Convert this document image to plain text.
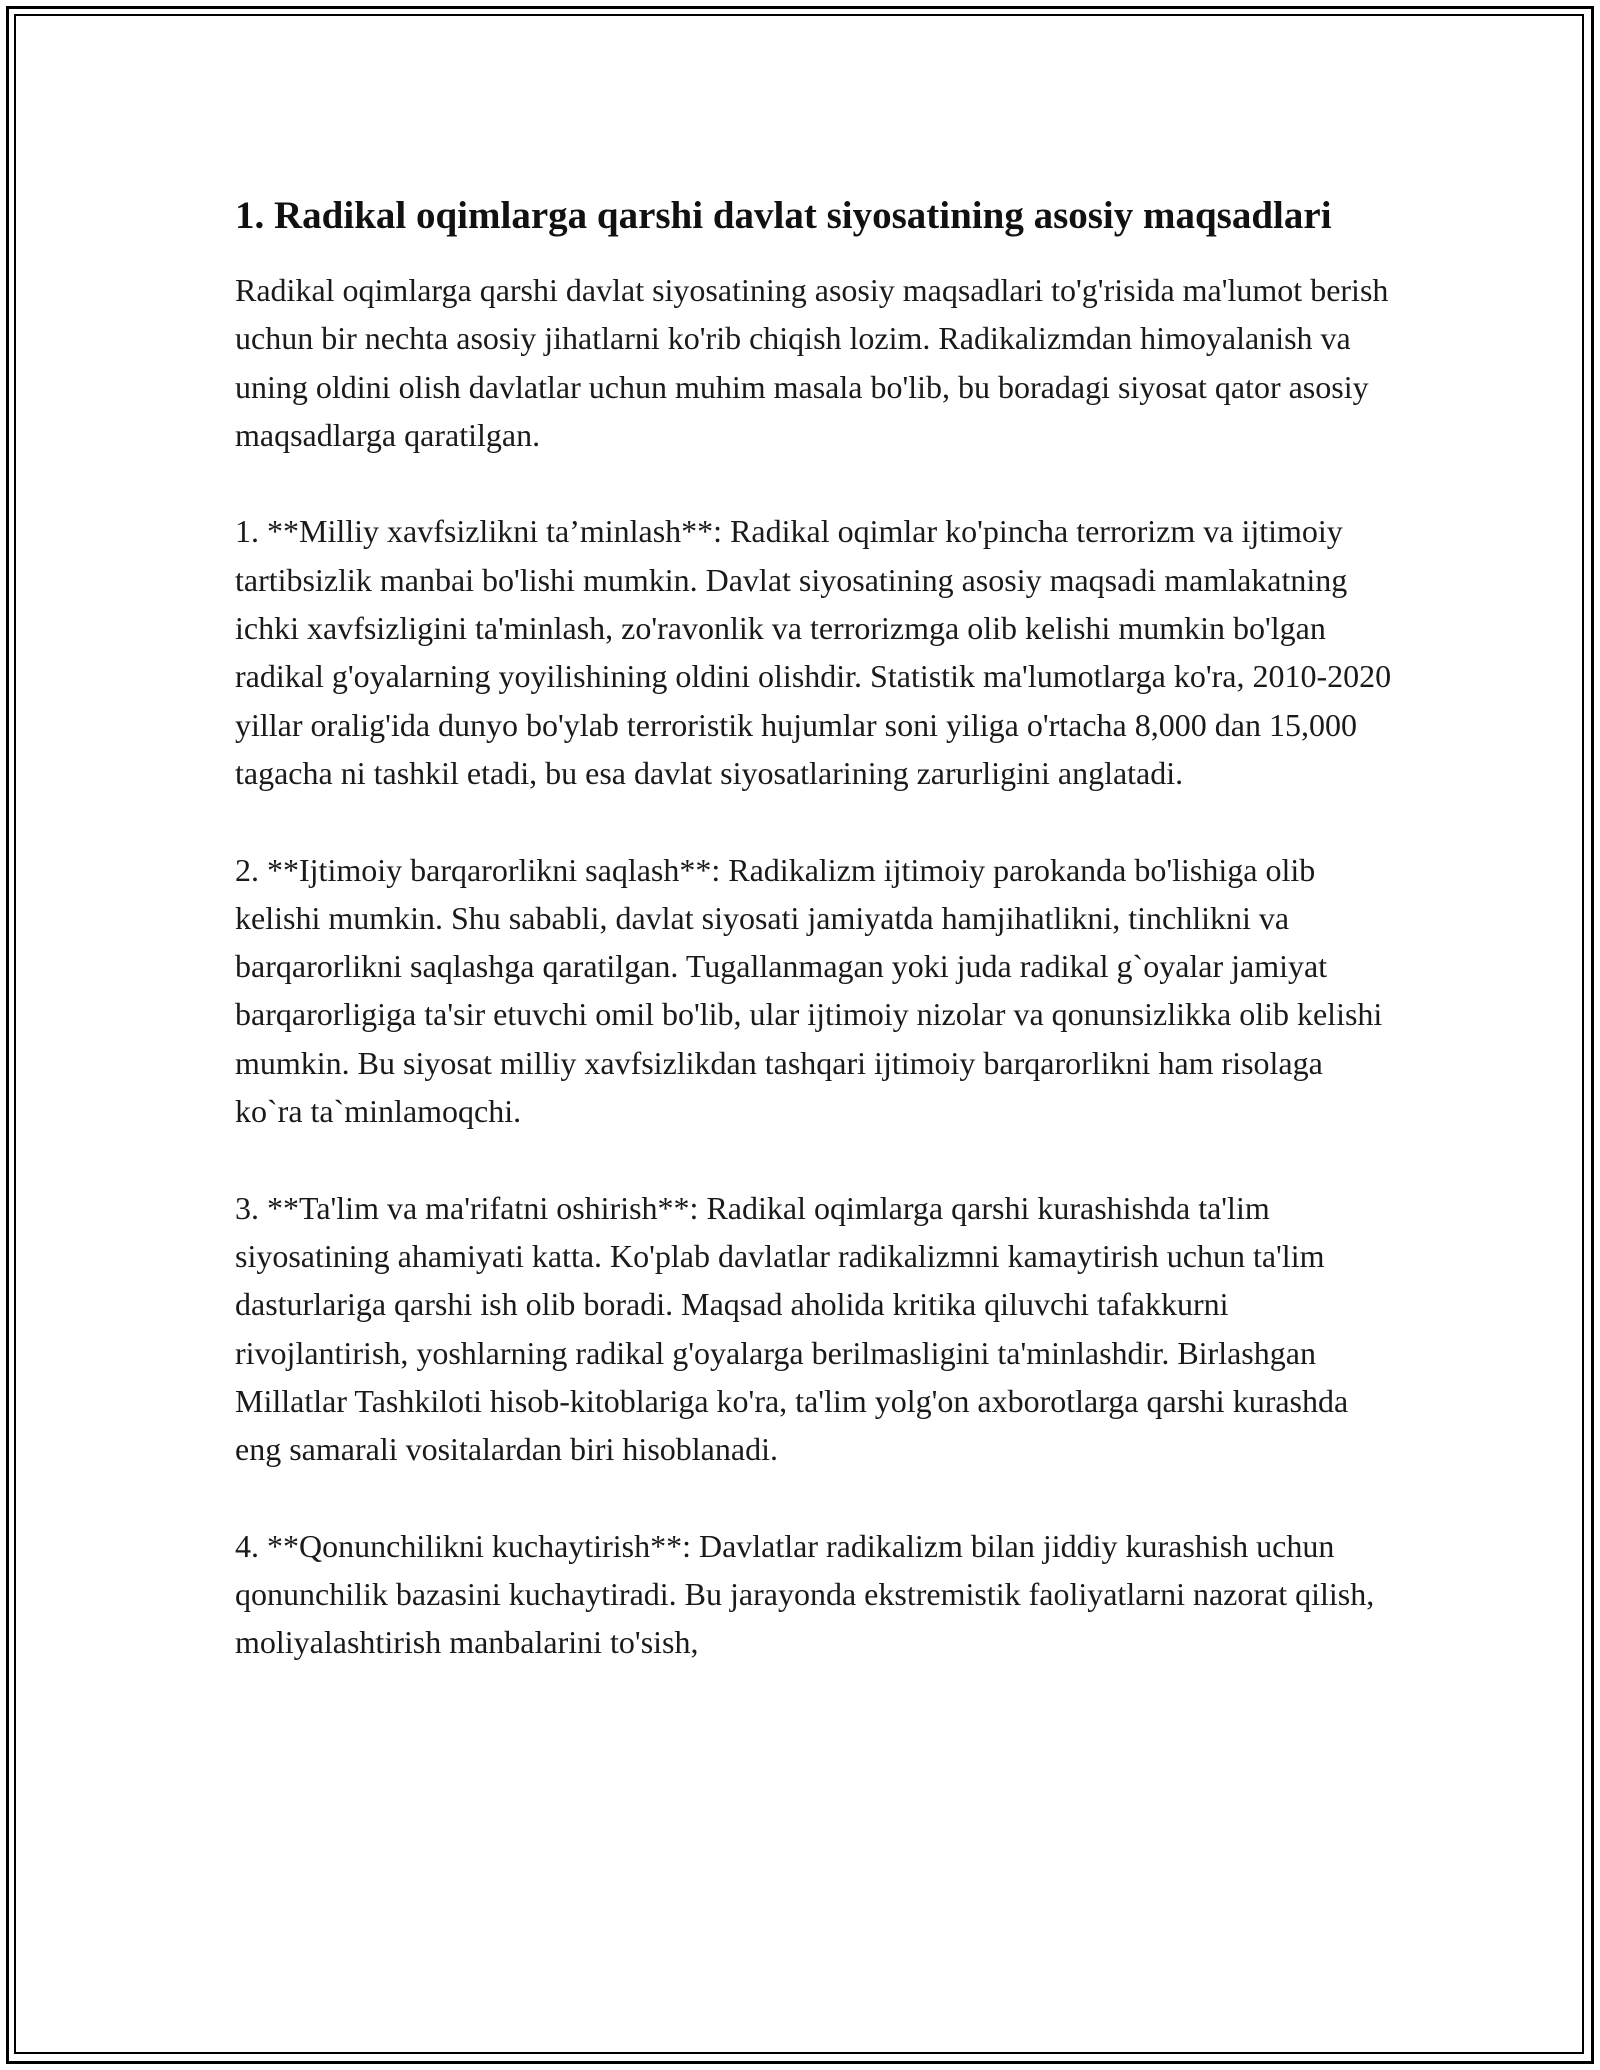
1. Radikal oqimlarga qarshi davlat siyosatining asosiy maqsadlari

Radikal oqimlarga qarshi davlat siyosatining asosiy maqsadlari to'g'risida ma'lumot berish uchun bir nechta asosiy jihatlarni ko'rib chiqish lozim. Radikalizmdan himoyalanish va uning oldini olish davlatlar uchun muhim masala bo'lib, bu boradagi siyosat qator asosiy maqsadlarga qaratilgan.

1. **Milliy xavfsizlikni ta’minlash**: Radikal oqimlar ko'pincha terrorizm va ijtimoiy tartibsizlik manbai bo'lishi mumkin. Davlat siyosatining asosiy maqsadi mamlakatning ichki xavfsizligini ta'minlash, zo'ravonlik va terrorizmga olib kelishi mumkin bo'lgan radikal g'oyalarning yoyilishining oldini olishdir. Statistik ma'lumotlarga ko'ra, 2010-2020 yillar oralig'ida dunyo bo'ylab terroristik hujumlar soni yiliga o'rtacha 8,000 dan 15,000 tagacha ni tashkil etadi, bu esa davlat siyosatlarining zarurligini anglatadi.

2. **Ijtimoiy barqarorlikni saqlash**: Radikalizm ijtimoiy parokanda bo'lishiga olib kelishi mumkin. Shu sababli, davlat siyosati jamiyatda hamjihatlikni, tinchlikni va barqarorlikni saqlashga qaratilgan. Tugallanmagan yoki juda radikal g`oyalar jamiyat barqarorligiga ta'sir etuvchi omil bo'lib, ular ijtimoiy nizolar va qonunsizlikka olib kelishi mumkin. Bu siyosat milliy xavfsizlikdan tashqari ijtimoiy barqarorlikni ham risolaga ko`ra ta`minlamoqchi.

3. **Ta'lim va ma'rifatni oshirish**: Radikal oqimlarga qarshi kurashishda ta'lim siyosatining ahamiyati katta. Ko'plab davlatlar radikalizmni kamaytirish uchun ta'lim dasturlariga qarshi ish olib boradi. Maqsad aholida kritika qiluvchi tafakkurni rivojlantirish, yoshlarning radikal g'oyalarga berilmasligini ta'minlashdir. Birlashgan Millatlar Tashkiloti hisob-kitoblariga ko'ra, ta'lim yolg'on axborotlarga qarshi kurashda eng samarali vositalardan biri hisoblanadi.

4. **Qonunchilikni kuchaytirish**: Davlatlar radikalizm bilan jiddiy kurashish uchun qonunchilik bazasini kuchaytiradi. Bu jarayonda ekstremistik faoliyatlarni nazorat qilish, moliyalashtirish manbalarini to'sish,
